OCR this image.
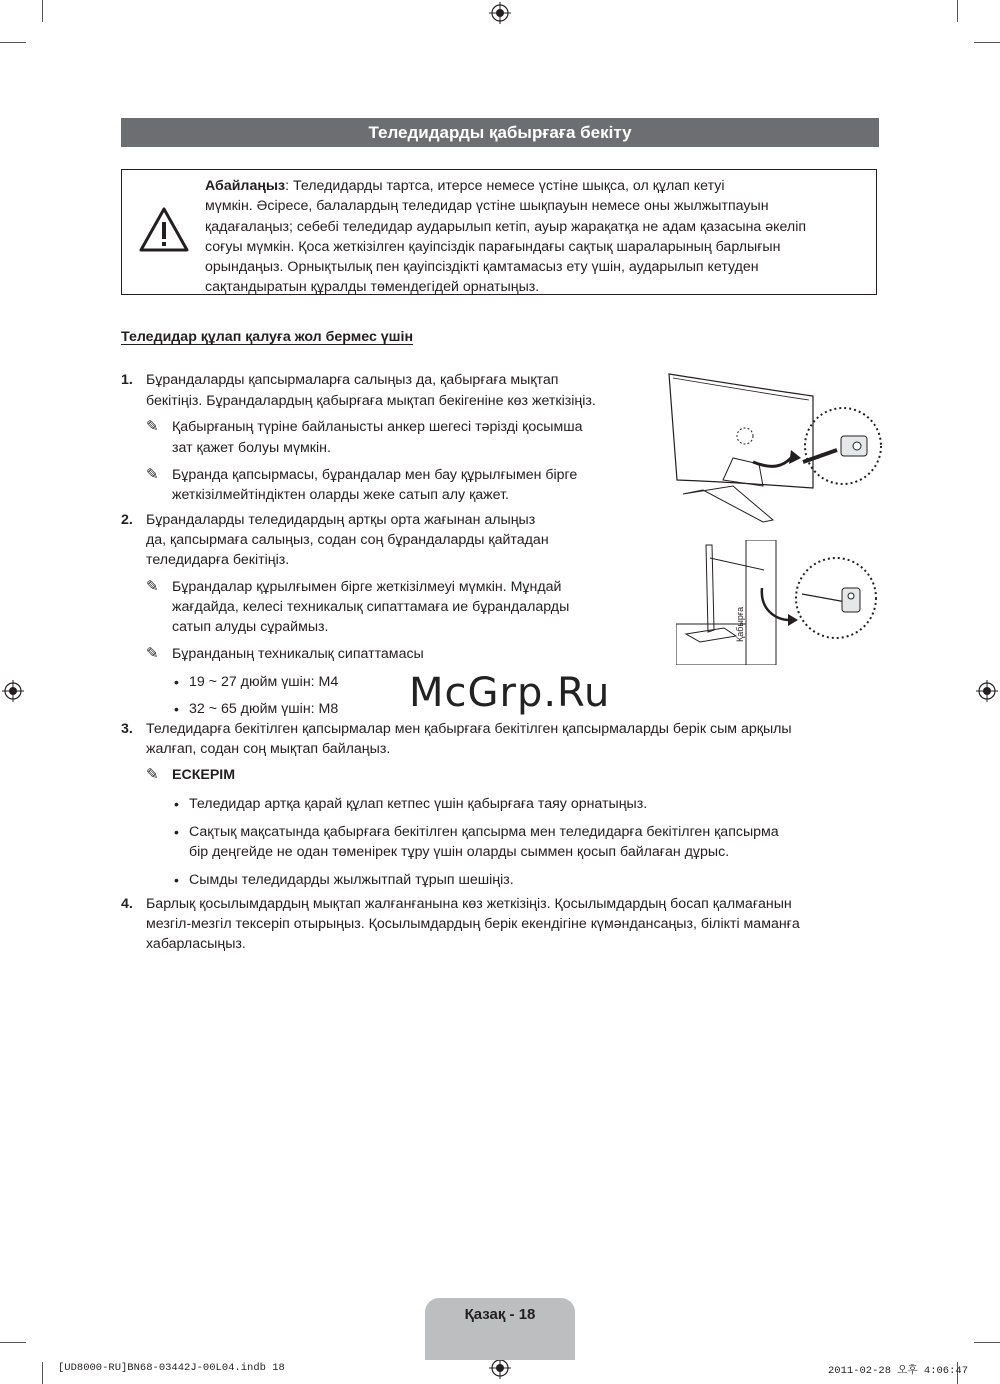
Теледидарды қабырғаға бекіту
Абайлаңыз: Теледидарды тартса, итерсе немесе үстіне шықса, ол құлап кетуі
мүмкін. Әсіресе, балалардың теледидар үстіне шықпауын немесе оны жылжытпауын
қадағалаңыз; себебі теледидар аударылып кетіп, ауыр жарақатқа не адам қазасына әкеліп
соғуы мүмкін. Қоса жеткізілген қауіпсіздік парағындағы сақтық шараларының барлығын
орындаңыз. Орнықтылық пен қауіпсіздікті қамтамасыз ету үшін, аударылып кетуден
сақтандыратын құралды төмендегідей орнатыңыз.
Теледидар құлап қалуға жол бермес үшін
1. Бұрандаларды қапсырмаларға салыңыз да, қабырғаға мықтап
бекітіңіз. Бұрандалардың қабырғаға мықтап бекігеніне көз жеткізіңіз.
✎ Қабырғаның түріне байланысты анкер шегесі тәрізді қосымша
зат қажет болуы мүмкін.
✎ Бұранда қапсырмасы, бұрандалар мен бау құрылғымен бірге
жеткізілмейтіндіктен оларды жеке сатып алу қажет.
2. Бұрандаларды теледидардың артқы орта жағынан алыңыз
да, қапсырмаға салыңыз, содан соң бұрандаларды қайтадан
теледидарға бекітіңіз.
✎ Бұрандалар құрылғымен бірге жеткізілмеуі мүмкін. Мұндай
жағдайда, келесі техникалық сипаттамаға ие бұрандаларды
сатып алуды сұраймыз.
✎ Бұранданың техникалық сипаттамасы
• 19 ~ 27 дюйм үшін: M4
• 32 ~ 65 дюйм үшін: M8
3. Теледидарға бекітілген қапсырмалар мен қабырғаға бекітілген қапсырмаларды берік сым арқылы
жалғап, содан соң мықтап байлаңыз.
✎ ЕСКЕРІМ
• Теледидар артқа қарай құлап кетпес үшін қабырғаға таяу орнатыңыз.
• Сақтық мақсатында қабырғаға бекітілген қапсырма мен теледидарға бекітілген қапсырма
бір деңгейде не одан төменірек тұру үшін оларды сыммен қосып байлаған дұрыс.
• Сымды теледидарды жылжытпай тұрып шешіңіз.
4. Барлық қосылымдардың мықтап жалғанғанына көз жеткізіңіз. Қосылымдардың босап қалмағанын
мезгіл-мезгіл тексеріп отырыңыз. Қосылымдардың берік екендігіне күмәндансаңыз, білікті маманға
хабарласыңыз.
Қабырға
McGrp.Ru
Қазақ - 18
[UD8000-RU]BN68-03442J-00L04.indb 18	2011-02-28 오후 4:06:47
